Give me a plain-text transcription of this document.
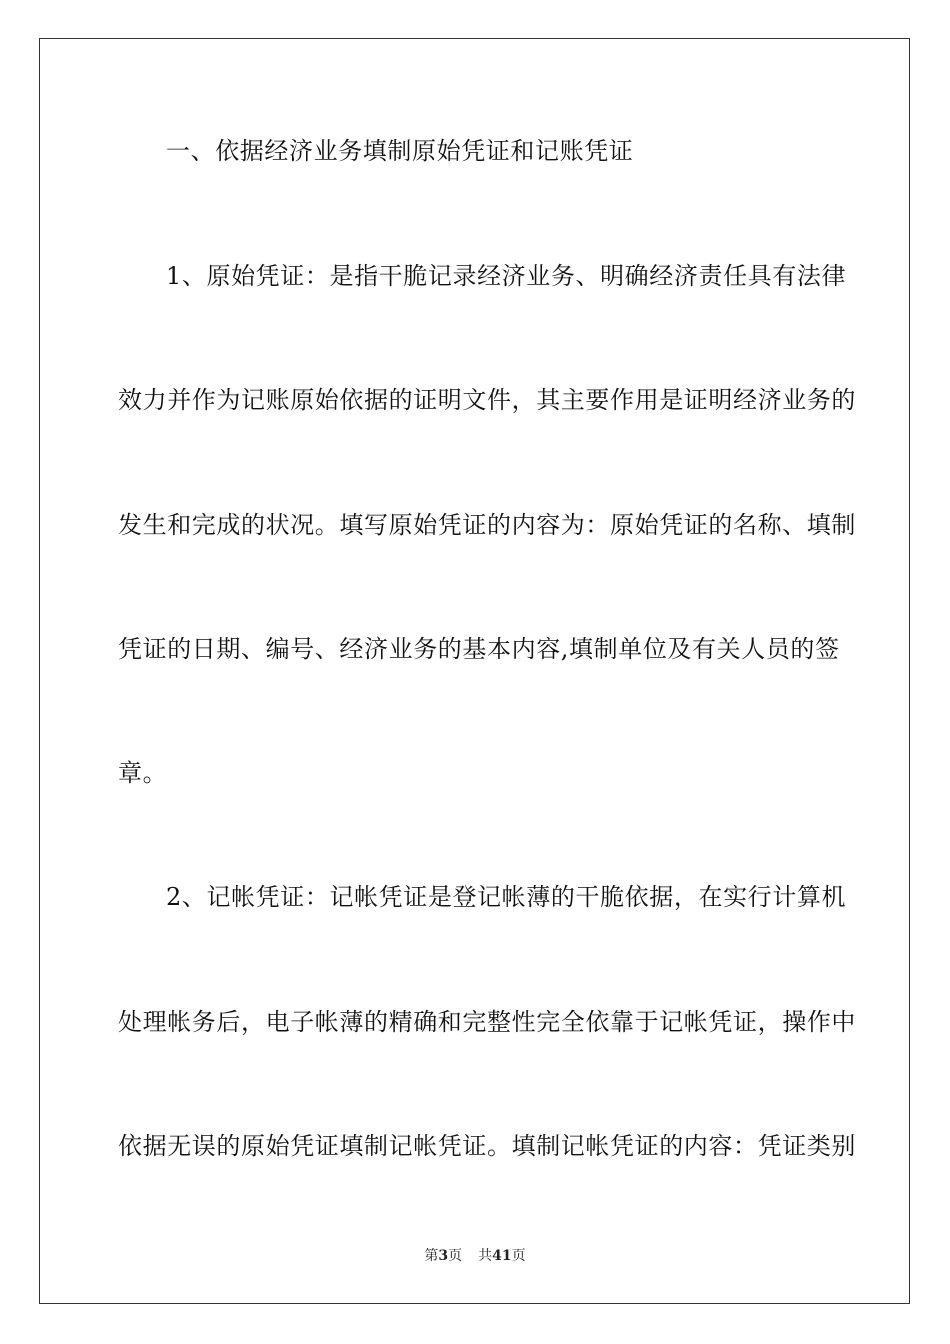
一、依据经济业务填制原始凭证和记账凭证
1、原始凭证：是指干脆记录经济业务、明确经济责任具有法律
效力并作为记账原始依据的证明文件，其主要作用是证明经济业务的
发生和完成的状况。填写原始凭证的内容为：原始凭证的名称、填制
凭证的日期、编号、经济业务的基本内容,填制单位及有关人员的签
章。
2、记帐凭证：记帐凭证是登记帐薄的干脆依据，在实行计算机
处理帐务后，电子帐薄的精确和完整性完全依靠于记帐凭证，操作中
依据无误的原始凭证填制记帐凭证。填制记帐凭证的内容：凭证类别
第3页 共41页
